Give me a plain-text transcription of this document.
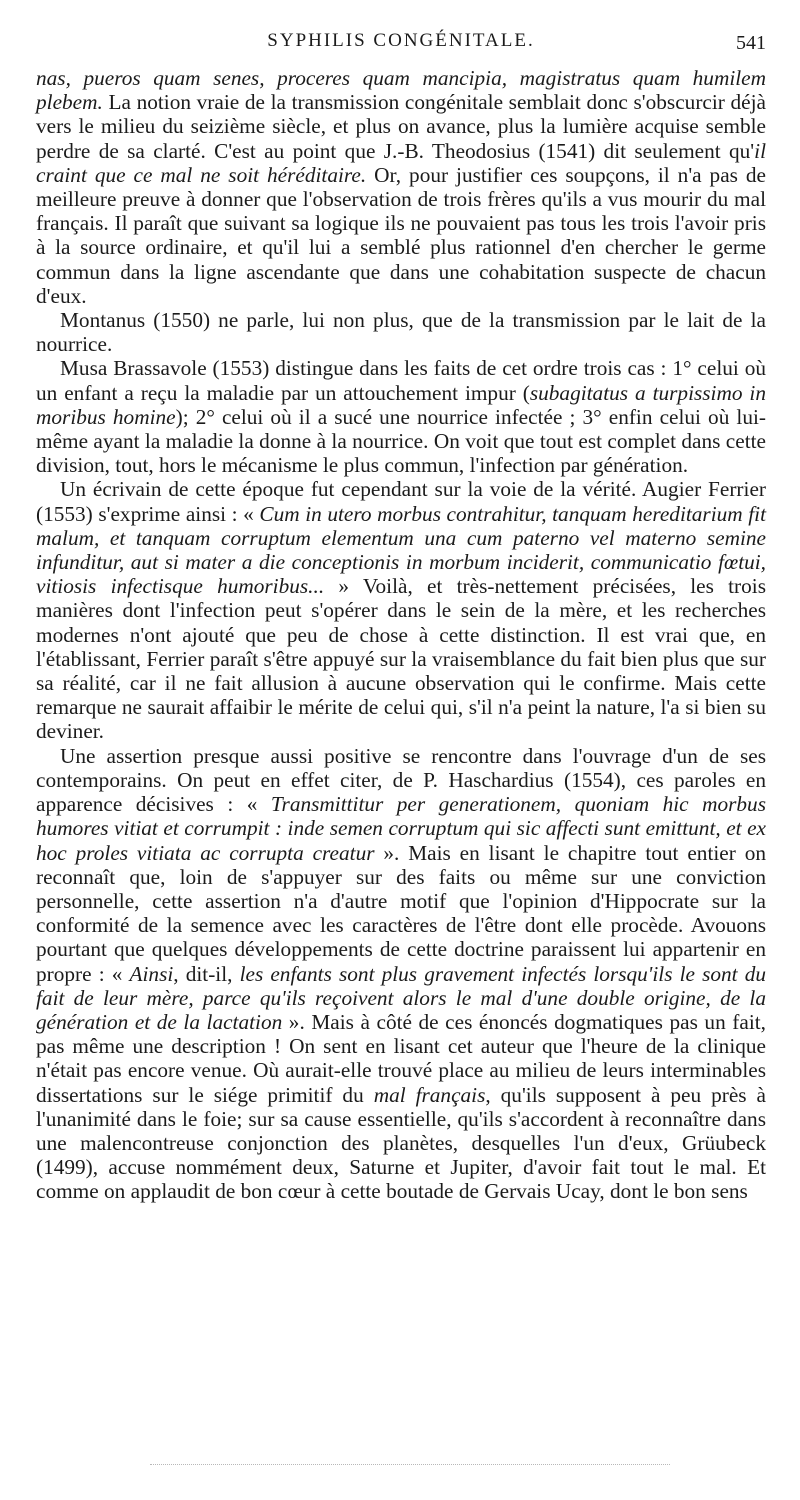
SYPHILIS CONGÉNITALE.	541

nas, pueros quam senes, proceres quam mancipia, magistratus quam humilem plebem. La notion vraie de la transmission congénitale semblait donc s'obscurcir déjà vers le milieu du seizième siècle, et plus on avance, plus la lumière acquise semble perdre de sa clarté. C'est au point que J.-B. Theodosius (1541) dit seulement qu'il craint que ce mal ne soit héréditaire. Or, pour justifier ces soupçons, il n'a pas de meilleure preuve à donner que l'observation de trois frères qu'ils a vus mourir du mal français. Il paraît que suivant sa logique ils ne pouvaient pas tous les trois l'avoir pris à la source ordinaire, et qu'il lui a semblé plus rationnel d'en chercher le germe commun dans la ligne ascendante que dans une cohabitation suspecte de chacun d'eux.

Montanus (1550) ne parle, lui non plus, que de la transmission par le lait de la nourrice.

Musa Brassavole (1553) distingue dans les faits de cet ordre trois cas : 1° celui où un enfant a reçu la maladie par un attouchement impur (subagitatus a turpissimo in moribus homine); 2° celui où il a sucé une nourrice infectée ; 3° enfin celui où lui-même ayant la maladie la donne à la nourrice. On voit que tout est complet dans cette division, tout, hors le mécanisme le plus commun, l'infection par génération.

Un écrivain de cette époque fut cependant sur la voie de la vérité. Augier Ferrier (1553) s'exprime ainsi : « Cum in utero morbus contrahitur, tanquam hereditarium fit malum, et tanquam corruptum elementum una cum paterno vel materno semine infunditur, aut si mater a die conceptionis in morbum inciderit, communicatio fœtui, vitiosis infectisque humoribus... » Voilà, et très-nettement précisées, les trois manières dont l'infection peut s'opérer dans le sein de la mère, et les recherches modernes n'ont ajouté que peu de chose à cette distinction. Il est vrai que, en l'établissant, Ferrier paraît s'être appuyé sur la vraisemblance du fait bien plus que sur sa réalité, car il ne fait allusion à aucune observation qui le confirme. Mais cette remarque ne saurait affaibir le mérite de celui qui, s'il n'a peint la nature, l'a si bien su deviner.

Une assertion presque aussi positive se rencontre dans l'ouvrage d'un de ses contemporains. On peut en effet citer, de P. Haschardius (1554), ces paroles en apparence décisives : « Transmittitur per generationem, quoniam hic morbus humores vitiat et corrumpit : inde semen corruptum qui sic affecti sunt emittunt, et ex hoc proles vitiata ac corrupta creatur ». Mais en lisant le chapitre tout entier on reconnaît que, loin de s'appuyer sur des faits ou même sur une conviction personnelle, cette assertion n'a d'autre motif que l'opinion d'Hippocrate sur la conformité de la semence avec les caractères de l'être dont elle procède. Avouons pourtant que quelques développements de cette doctrine paraissent lui appartenir en propre : « Ainsi, dit-il, les enfants sont plus gravement infectés lorsqu'ils le sont du fait de leur mère, parce qu'ils reçoivent alors le mal d'une double origine, de la génération et de la lactation ». Mais à côté de ces énoncés dogmatiques pas un fait, pas même une description ! On sent en lisant cet auteur que l'heure de la clinique n'était pas encore venue. Où aurait-elle trouvé place au milieu de leurs interminables dissertations sur le siége primitif du mal français, qu'ils supposent à peu près à l'unanimité dans le foie; sur sa cause essentielle, qu'ils s'accordent à reconnaître dans une malencontreuse conjonction des planètes, desquelles l'un d'eux, Grüubeck (1499), accuse nommément deux, Saturne et Jupiter, d'avoir fait tout le mal. Et comme on applaudit de bon cœur à cette boutade de Gervais Ucay, dont le bon sens
